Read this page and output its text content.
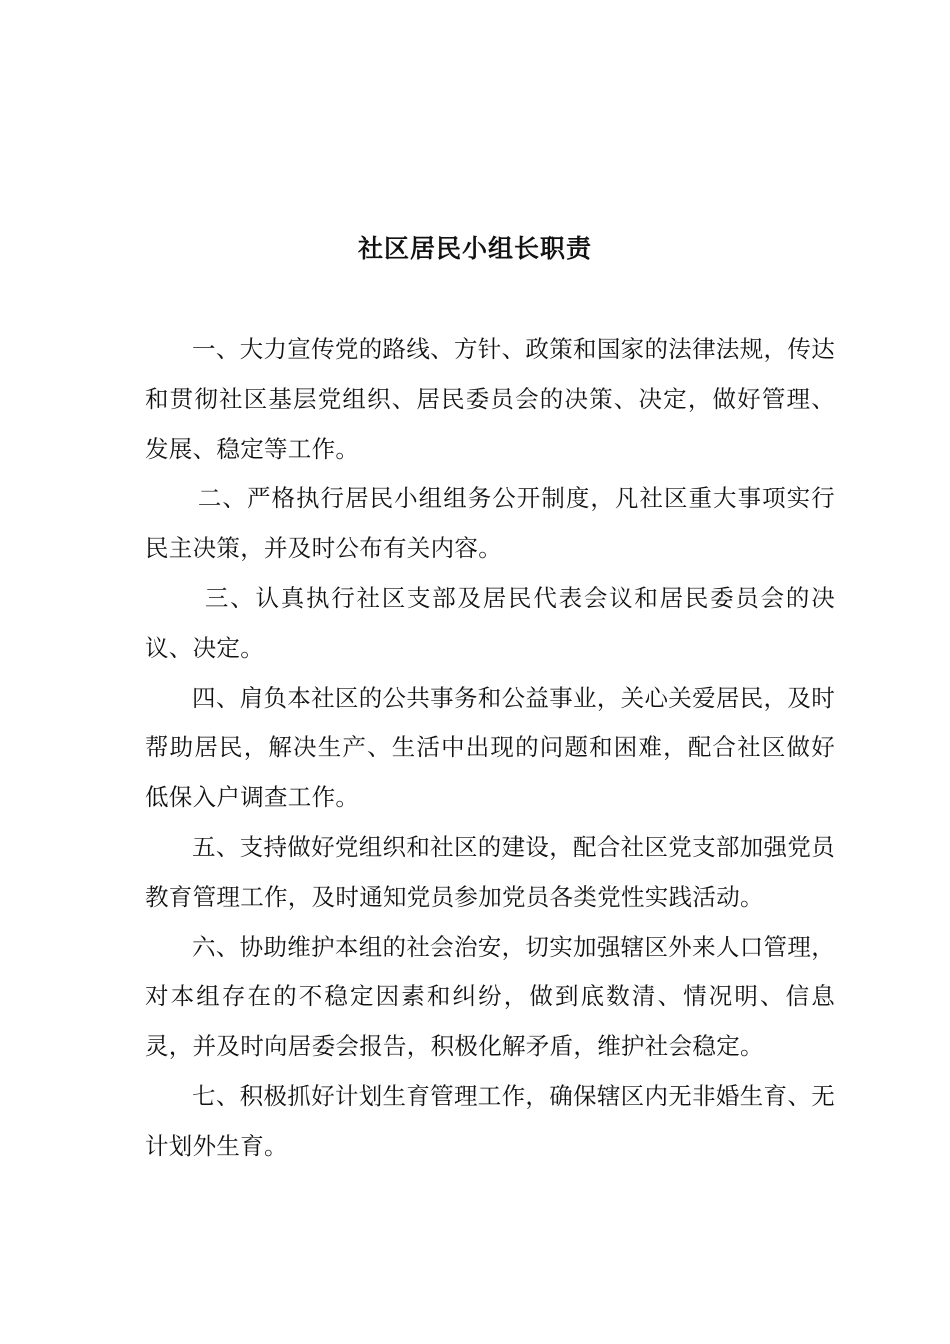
社区居民小组长职责

一、大力宣传党的路线、方针、政策和国家的法律法规，传达和贯彻社区基层党组织、居民委员会的决策、决定，做好管理、发展、稳定等工作。

二、严格执行居民小组组务公开制度，凡社区重大事项实行民主决策，并及时公布有关内容。

三、认真执行社区支部及居民代表会议和居民委员会的决议、决定。

四、肩负本社区的公共事务和公益事业，关心关爱居民，及时帮助居民，解决生产、生活中出现的问题和困难，配合社区做好低保入户调查工作。

五、支持做好党组织和社区的建设，配合社区党支部加强党员教育管理工作，及时通知党员参加党员各类党性实践活动。

六、协助维护本组的社会治安，切实加强辖区外来人口管理，对本组存在的不稳定因素和纠纷，做到底数清、情况明、信息灵，并及时向居委会报告，积极化解矛盾，维护社会稳定。

七、积极抓好计划生育管理工作，确保辖区内无非婚生育、无计划外生育。
